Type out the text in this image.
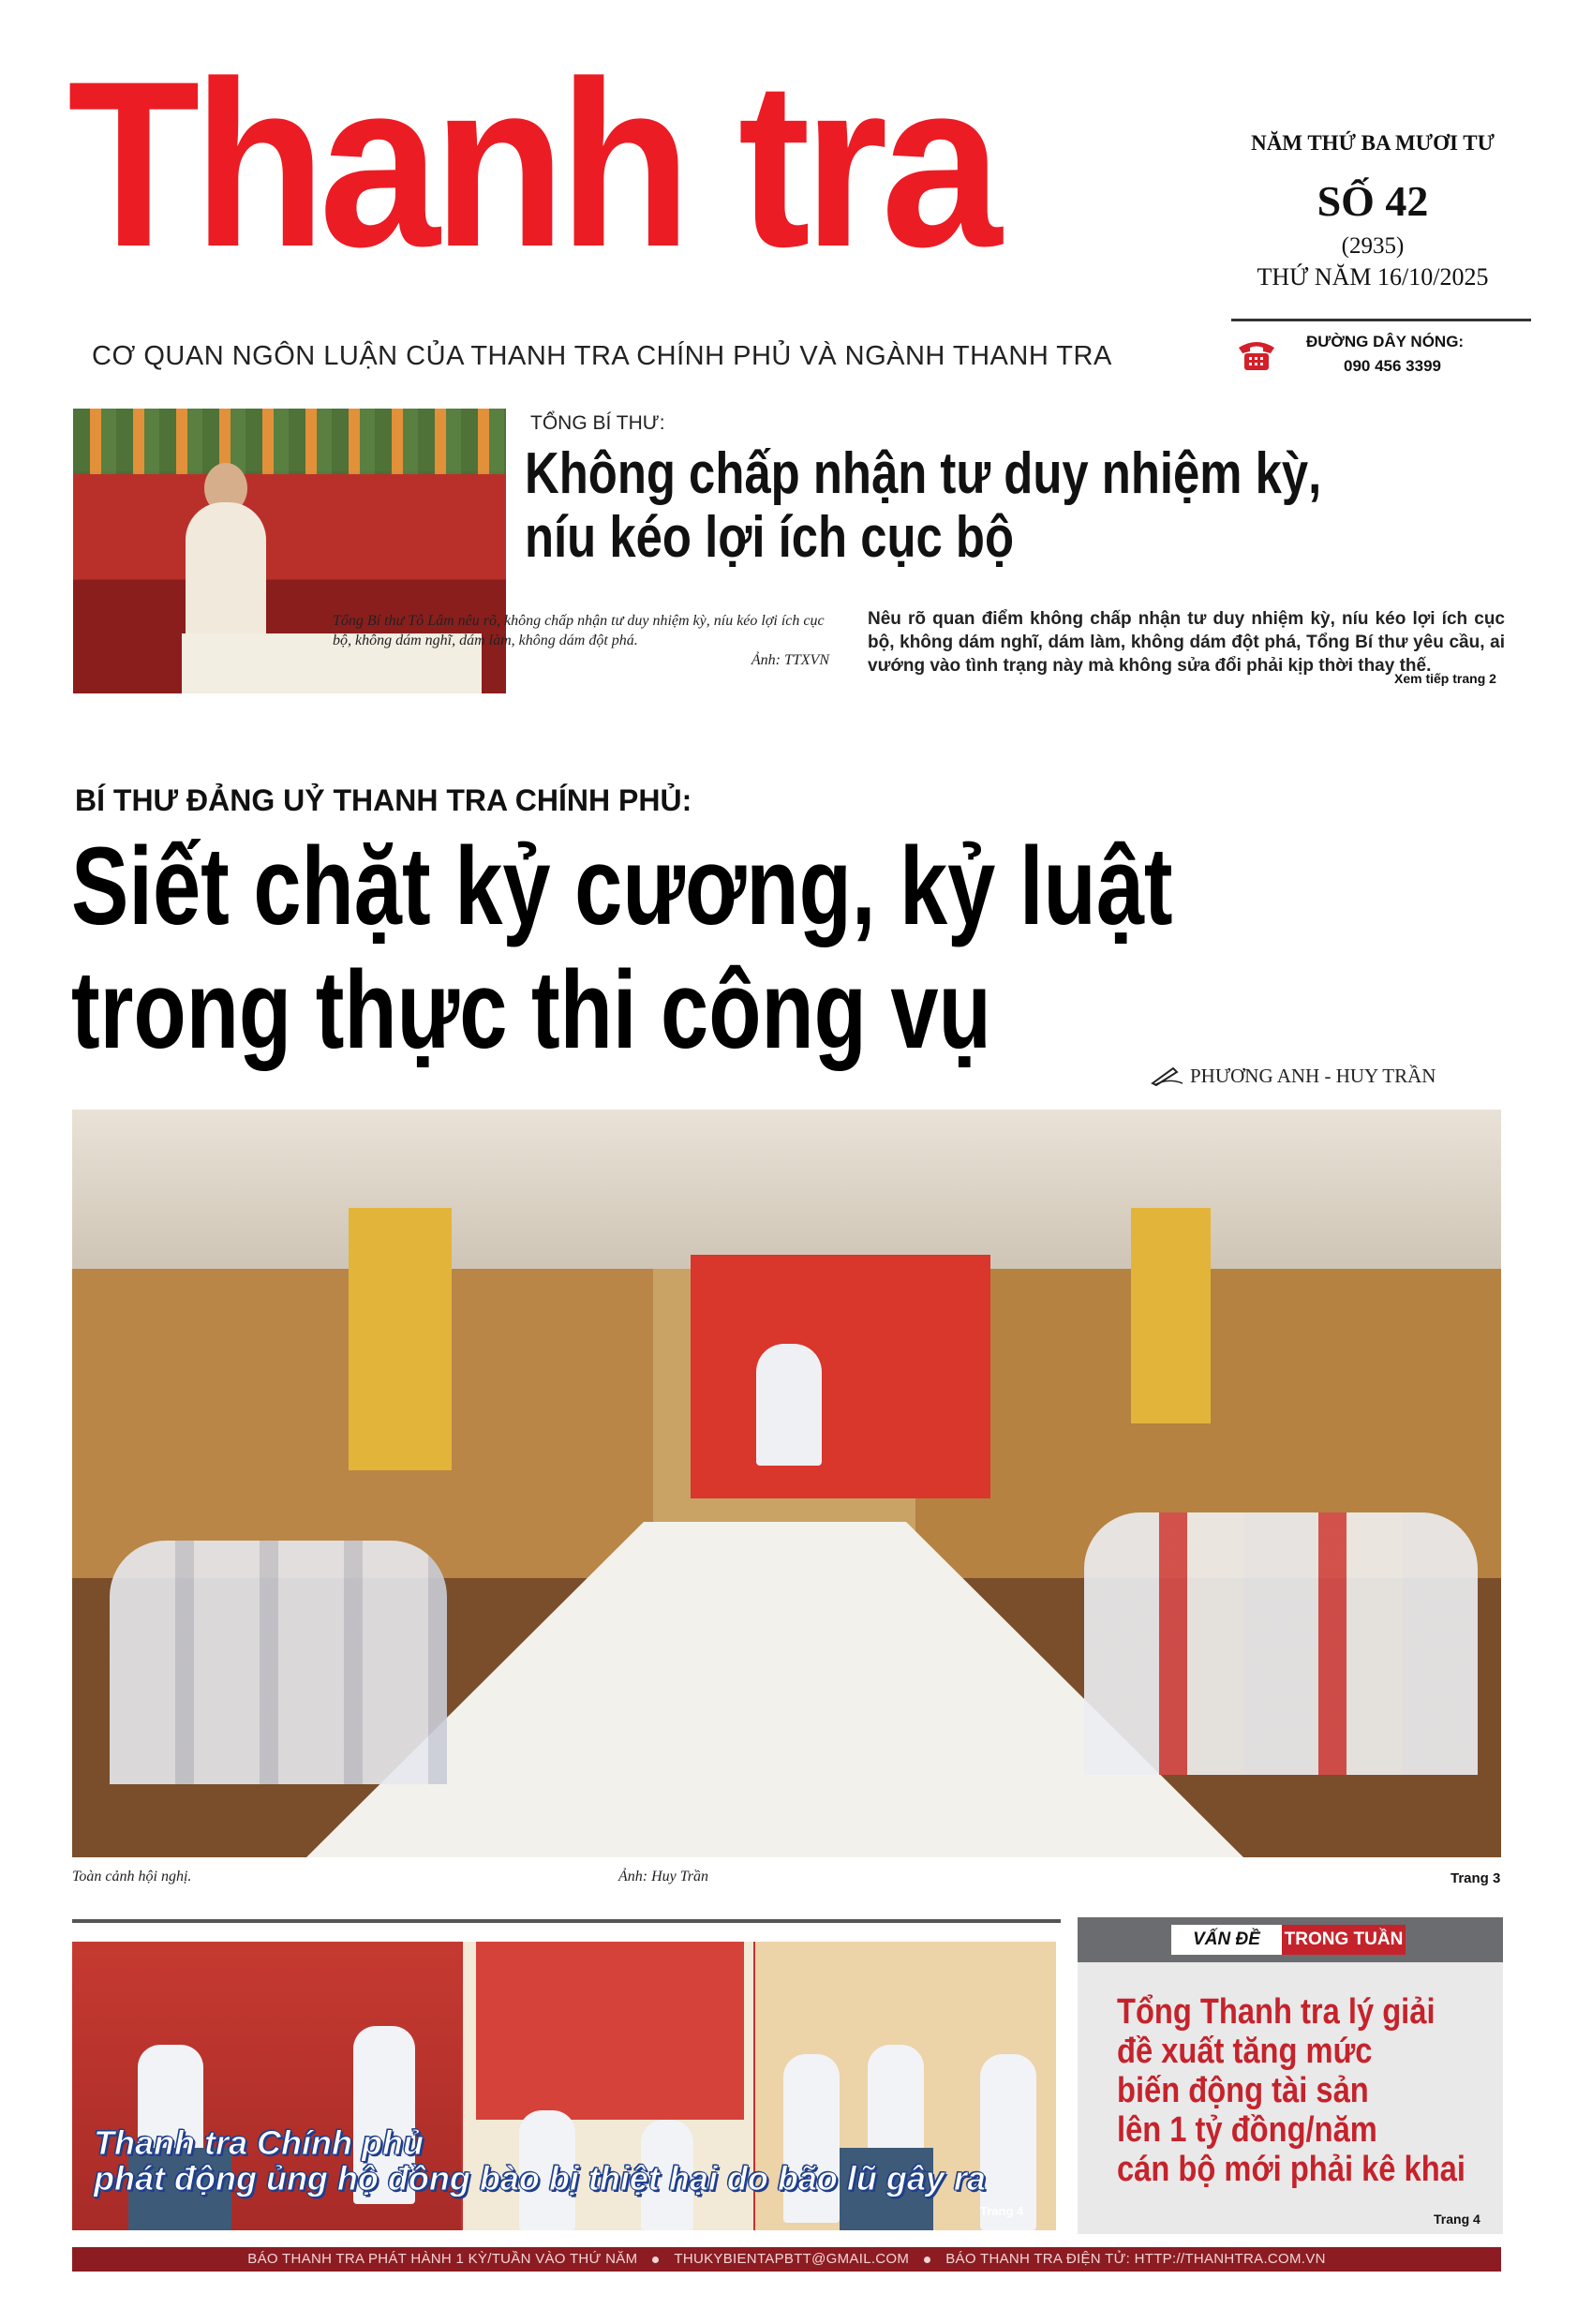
Thanh tra
CƠ QUAN NGÔN LUẬN CỦA THANH TRA CHÍNH PHỦ VÀ NGÀNH THANH TRA
NĂM THỨ BA MƯƠI TƯ
SỐ 42
(2935)
THỨ NĂM 16/10/2025
ĐƯỜNG DÂY NÓNG:
090 456 3399
TỔNG BÍ THƯ:
Không chấp nhận tư duy nhiệm kỳ,
níu kéo lợi ích cục bộ
Tổng Bí thư Tô Lâm nêu rõ, không chấp nhận tư duy nhiệm kỳ, níu kéo lợi ích cục bộ, không dám nghĩ, dám làm, không dám đột phá.
Ảnh: TTXVN
Nêu rõ quan điểm không chấp nhận tư duy nhiệm kỳ, níu kéo lợi ích cục bộ, không dám nghĩ, dám làm, không dám đột phá, Tổng Bí thư yêu cầu, ai vướng vào tình trạng này mà không sửa đổi phải kịp thời thay thế.
Xem tiếp trang 2
BÍ THƯ ĐẢNG UỶ THANH TRA CHÍNH PHỦ:
Siết chặt kỷ cương, kỷ luật
trong thực thi công vụ
PHƯƠNG ANH - HUY TRẦN
Toàn cảnh hội nghị.	Ảnh: Huy Trần	Trang 3
Thanh tra Chính phủ
phát động ủng hộ đồng bào bị thiệt hại do bão lũ gây ra
Trang 4
VẤN ĐỀ	TRONG TUẦN
Tổng Thanh tra lý giải
đề xuất tăng mức
biến động tài sản
lên 1 tỷ đồng/năm
cán bộ mới phải kê khai
Trang 4
BÁO THANH TRA PHÁT HÀNH 1 KỲ/TUẦN VÀO THỨ NĂM	THUKYBIENTAPBTT@GMAIL.COM	BÁO THANH TRA ĐIỆN TỬ: HTTP://THANHTRA.COM.VN
